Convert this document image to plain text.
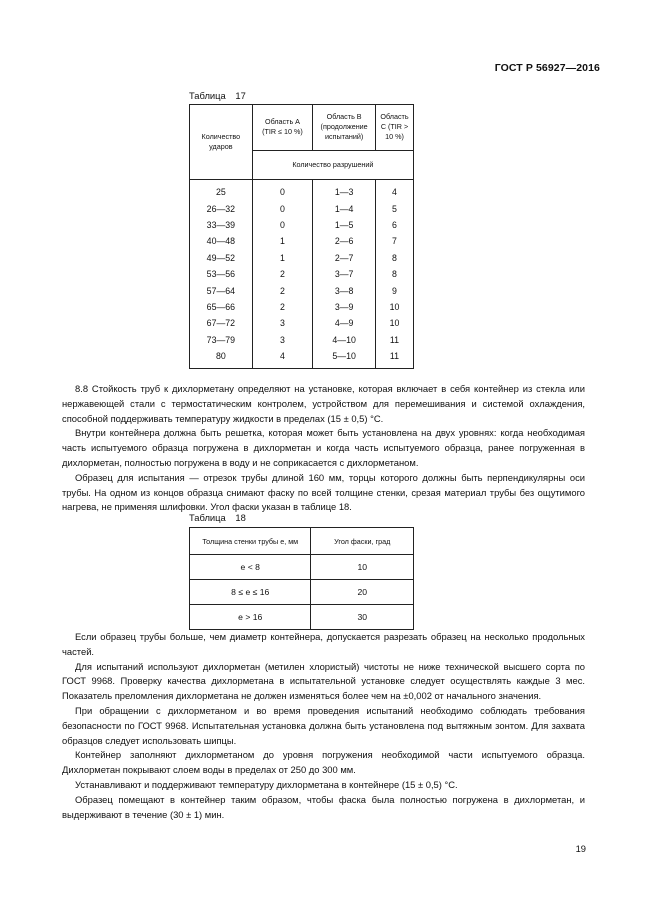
ГОСТ Р 56927—2016
Таблица 17
Количество ударов	Область A (TIR ≤ 10 %)	Область B (продолжение испытаний)	Область C (TIR > 10 %)
	Количество разрушений		
25	0	1—3	4
26—32	0	1—4	5
33—39	0	1—5	6
40—48	1	2—6	7
49—52	1	2—7	8
53—56	2	3—7	8
57—64	2	3—8	9
65—66	2	3—9	10
67—72	3	4—9	10
73—79	3	4—10	11
80	4	5—10	11

8.8 Стойкость труб к дихлорметану определяют на установке, которая включает в себя контейнер из стекла или нержавеющей стали с термостатическим контролем, устройством для перемешивания и системой охлаждения, способной поддерживать температуру жидкости в пределах (15 ± 0,5) °С.

Внутри контейнера должна быть решетка, которая может быть установлена на двух уровнях: когда необходимая часть испытуемого образца погружена в дихлорметан и когда часть испытуемого образца, ранее погруженная в дихлорметан, полностью погружена в воду и не соприкасается с дихлорметаном.

Образец для испытания — отрезок трубы длиной 160 мм, торцы которого должны быть перпендикулярны оси трубы. На одном из концов образца снимают фаску по всей толщине стенки, срезая материал трубы без ощутимого нагрева, не применяя шлифовки. Угол фаски указан в таблице 18.

Таблица 18
Толщина стенки трубы e, мм	Угол фаски, град
e < 8	10
8 ≤ e ≤ 16	20
e > 16	30

Если образец трубы больше, чем диаметр контейнера, допускается разрезать образец на несколько продольных частей.

Для испытаний используют дихлорметан (метилен хлористый) чистоты не ниже технической высшего сорта по ГОСТ 9968. Проверку качества дихлорметана в испытательной установке следует осуществлять каждые 3 мес. Показатель преломления дихлорметана не должен изменяться более чем на ±0,002 от начального значения.

При обращении с дихлорметаном и во время проведения испытаний необходимо соблюдать требования безопасности по ГОСТ 9968. Испытательная установка должна быть установлена под вытяжным зонтом. Для захвата образцов следует использовать шипцы.

Контейнер заполняют дихлорметаном до уровня погружения необходимой части испытуемого образца. Дихлорметан покрывают слоем воды в пределах от 250 до 300 мм.

Устанавливают и поддерживают температуру дихлорметана в контейнере (15 ± 0,5) °С.

Образец помещают в контейнер таким образом, чтобы фаска была полностью погружена в дихлорметан, и выдерживают в течение (30 ± 1) мин.

19
